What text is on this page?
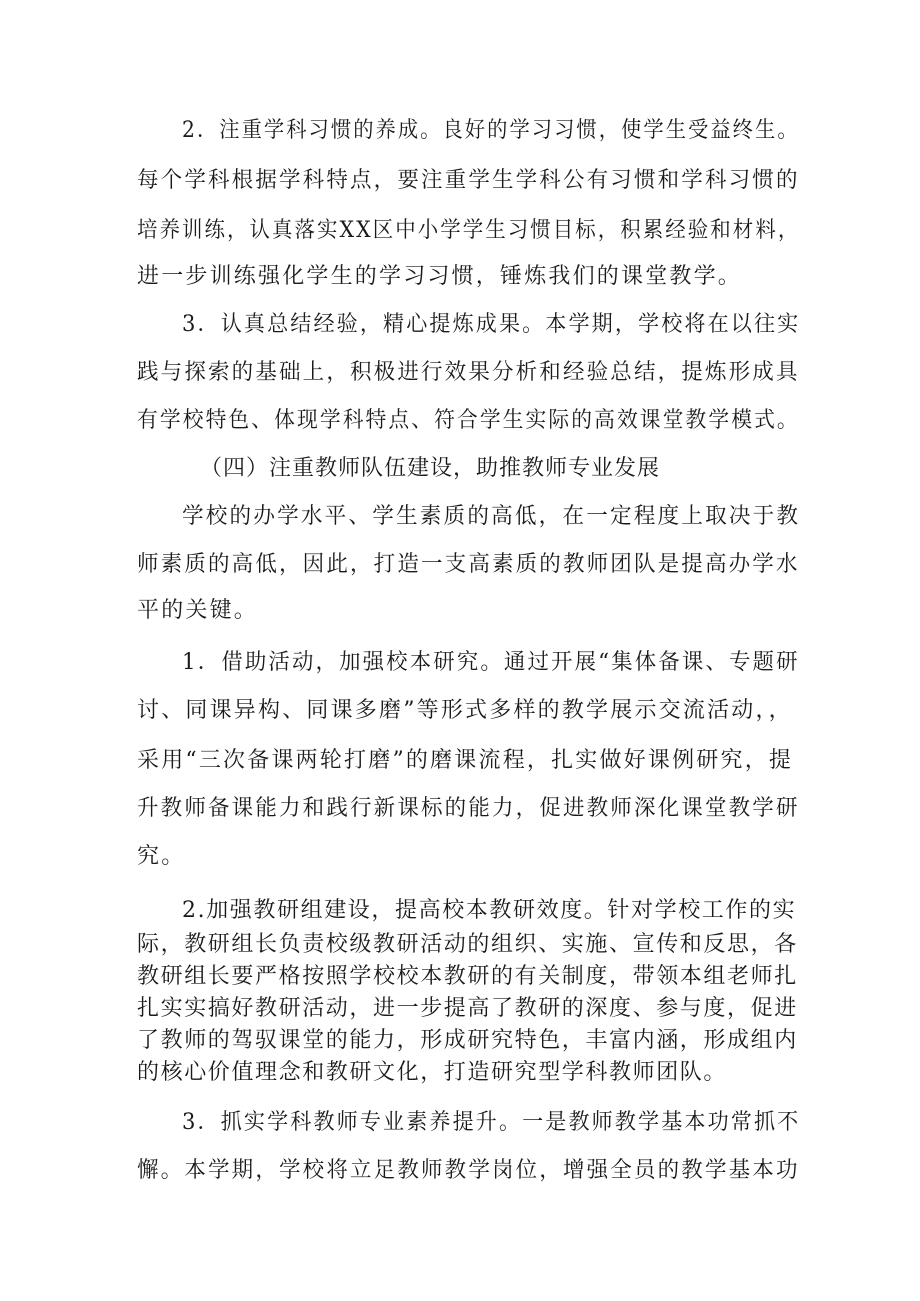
2．注重学科习惯的养成。良好的学习习惯，使学生受益终生。
每个学科根据学科特点，要注重学生学科公有习惯和学科习惯的
培养训练，认真落实XX区中小学学生习惯目标，积累经验和材料，
进一步训练强化学生的学习习惯，锤炼我们的课堂教学。
3．认真总结经验，精心提炼成果。本学期，学校将在以往实
践与探索的基础上，积极进行效果分析和经验总结，提炼形成具
有学校特色、体现学科特点、符合学生实际的高效课堂教学模式。
（四）注重教师队伍建设，助推教师专业发展
学校的办学水平、学生素质的高低，在一定程度上取决于教
师素质的高低，因此，打造一支高素质的教师团队是提高办学水
平的关键。
1．借助活动，加强校本研究。通过开展“集体备课、专题研
讨、同课异构、同课多磨”等形式多样的教学展示交流活动，，
采用“三次备课两轮打磨”的磨课流程，扎实做好课例研究，提
升教师备课能力和践行新课标的能力，促进教师深化课堂教学研
究。
2.加强教研组建设，提高校本教研效度。针对学校工作的实
际，教研组长负责校级教研活动的组织、实施、宣传和反思，各
教研组长要严格按照学校校本教研的有关制度，带领本组老师扎
扎实实搞好教研活动，进一步提高了教研的深度、参与度，促进
了教师的驾驭课堂的能力，形成研究特色，丰富内涵，形成组内
的核心价值理念和教研文化，打造研究型学科教师团队。
3．抓实学科教师专业素养提升。一是教师教学基本功常抓不
懈。本学期，学校将立足教师教学岗位，增强全员的教学基本功
